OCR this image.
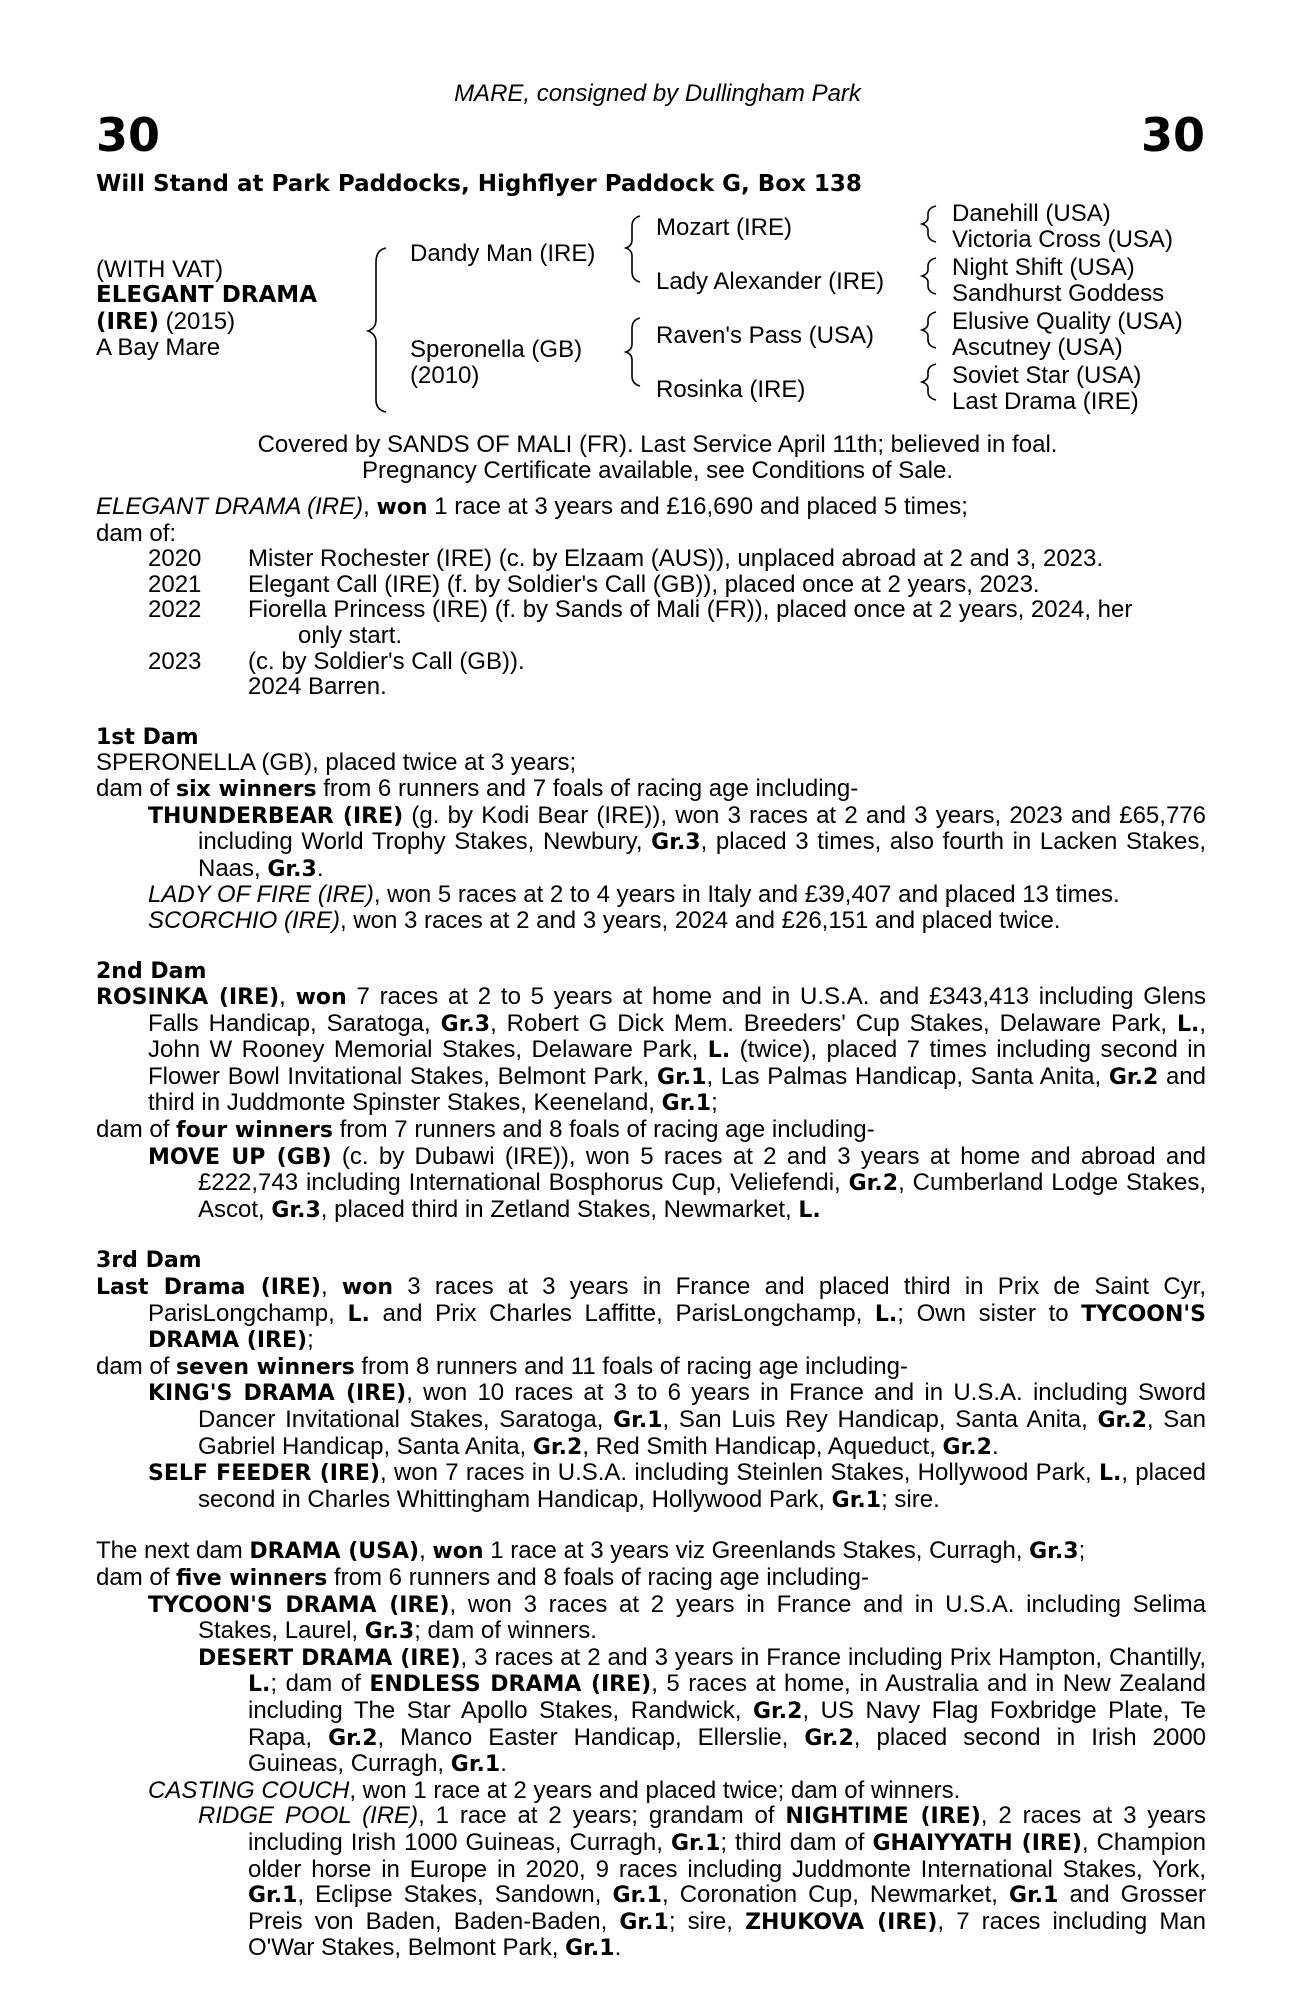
MARE, consigned by Dullingham Park
30	30
Will Stand at Park Paddocks, Highflyer Paddock G, Box 138
(WITH VAT)
ELEGANT DRAMA
(IRE) (2015)
A Bay Mare
Dandy Man (IRE)
Speronella (GB)
(2010)
Mozart (IRE)
Lady Alexander (IRE)
Raven's Pass (USA)
Rosinka (IRE)
Danehill (USA)
Victoria Cross (USA)
Night Shift (USA)
Sandhurst Goddess
Elusive Quality (USA)
Ascutney (USA)
Soviet Star (USA)
Last Drama (IRE)
Covered by SANDS OF MALI (FR). Last Service April 11th; believed in foal.
Pregnancy Certificate available, see Conditions of Sale.

ELEGANT DRAMA (IRE), won 1 race at 3 years and £16,690 and placed 5 times;

dam of:

2020	Mister Rochester (IRE) (c. by Elzaam (AUS)), unplaced abroad at 2 and 3, 2023.
2021	Elegant Call (IRE) (f. by Soldier's Call (GB)), placed once at 2 years, 2023.
2022	Fiorella Princess (IRE) (f. by Sands of Mali (FR)), placed once at 2 years, 2024, her
only start.
2023	(c. by Soldier's Call (GB)).
2024 Barren.

1st Dam

SPERONELLA (GB), placed twice at 3 years;

dam of six winners from 6 runners and 7 foals of racing age including-

THUNDERBEAR (IRE) (g. by Kodi Bear (IRE)), won 3 races at 2 and 3 years, 2023 and £65,776 including World Trophy Stakes, Newbury, Gr.3, placed 3 times, also fourth in Lacken Stakes, Naas, Gr.3.

LADY OF FIRE (IRE), won 5 races at 2 to 4 years in Italy and £39,407 and placed 13 times.

SCORCHIO (IRE), won 3 races at 2 and 3 years, 2024 and £26,151 and placed twice.

2nd Dam

ROSINKA (IRE), won 7 races at 2 to 5 years at home and in U.S.A. and £343,413 including Glens Falls Handicap, Saratoga, Gr.3, Robert G Dick Mem. Breeders' Cup Stakes, Delaware Park, L., John W Rooney Memorial Stakes, Delaware Park, L. (twice), placed 7 times including second in Flower Bowl Invitational Stakes, Belmont Park, Gr.1, Las Palmas Handicap, Santa Anita, Gr.2 and third in Juddmonte Spinster Stakes, Keeneland, Gr.1;

dam of four winners from 7 runners and 8 foals of racing age including-

MOVE UP (GB) (c. by Dubawi (IRE)), won 5 races at 2 and 3 years at home and abroad and £222,743 including International Bosphorus Cup, Veliefendi, Gr.2, Cumberland Lodge Stakes, Ascot, Gr.3, placed third in Zetland Stakes, Newmarket, L.

3rd Dam

Last Drama (IRE), won 3 races at 3 years in France and placed third in Prix de Saint Cyr, ParisLongchamp, L. and Prix Charles Laffitte, ParisLongchamp, L.; Own sister to TYCOON'S DRAMA (IRE);

dam of seven winners from 8 runners and 11 foals of racing age including-

KING'S DRAMA (IRE), won 10 races at 3 to 6 years in France and in U.S.A. including Sword Dancer Invitational Stakes, Saratoga, Gr.1, San Luis Rey Handicap, Santa Anita, Gr.2, San Gabriel Handicap, Santa Anita, Gr.2, Red Smith Handicap, Aqueduct, Gr.2.

SELF FEEDER (IRE), won 7 races in U.S.A. including Steinlen Stakes, Hollywood Park, L., placed second in Charles Whittingham Handicap, Hollywood Park, Gr.1; sire.

The next dam DRAMA (USA), won 1 race at 3 years viz Greenlands Stakes, Curragh, Gr.3;

dam of five winners from 6 runners and 8 foals of racing age including-

TYCOON'S DRAMA (IRE), won 3 races at 2 years in France and in U.S.A. including Selima Stakes, Laurel, Gr.3; dam of winners.

DESERT DRAMA (IRE), 3 races at 2 and 3 years in France including Prix Hampton, Chantilly, L.; dam of ENDLESS DRAMA (IRE), 5 races at home, in Australia and in New Zealand including The Star Apollo Stakes, Randwick, Gr.2, US Navy Flag Foxbridge Plate, Te Rapa, Gr.2, Manco Easter Handicap, Ellerslie, Gr.2, placed second in Irish 2000 Guineas, Curragh, Gr.1.

CASTING COUCH, won 1 race at 2 years and placed twice; dam of winners.

RIDGE POOL (IRE), 1 race at 2 years; grandam of NIGHTIME (IRE), 2 races at 3 years including Irish 1000 Guineas, Curragh, Gr.1; third dam of GHAIYYATH (IRE), Champion older horse in Europe in 2020, 9 races including Juddmonte International Stakes, York, Gr.1, Eclipse Stakes, Sandown, Gr.1, Coronation Cup, Newmarket, Gr.1 and Grosser Preis von Baden, Baden-Baden, Gr.1; sire, ZHUKOVA (IRE), 7 races including Man O'War Stakes, Belmont Park, Gr.1.
